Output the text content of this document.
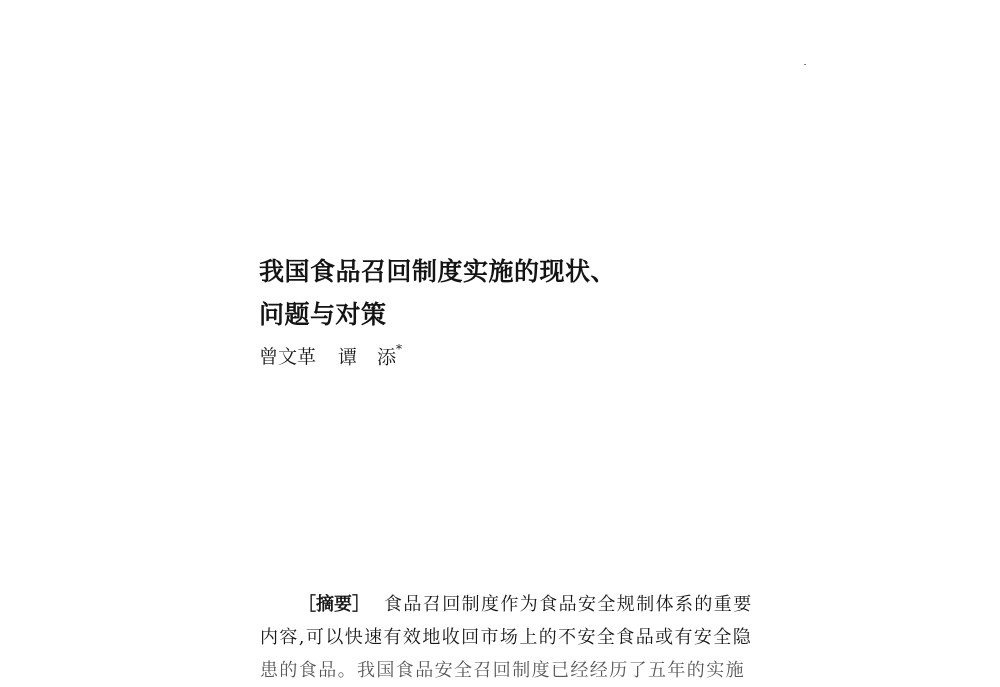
我国食品召回制度实施的现状、
问题与对策
曾文革 谭 添*
［摘要］ 食品召回制度作为食品安全规制体系的重要
内容,可以快速有效地收回市场上的不安全食品或有安全隐
患的食品。我国食品安全召回制度已经经历了五年的实施
